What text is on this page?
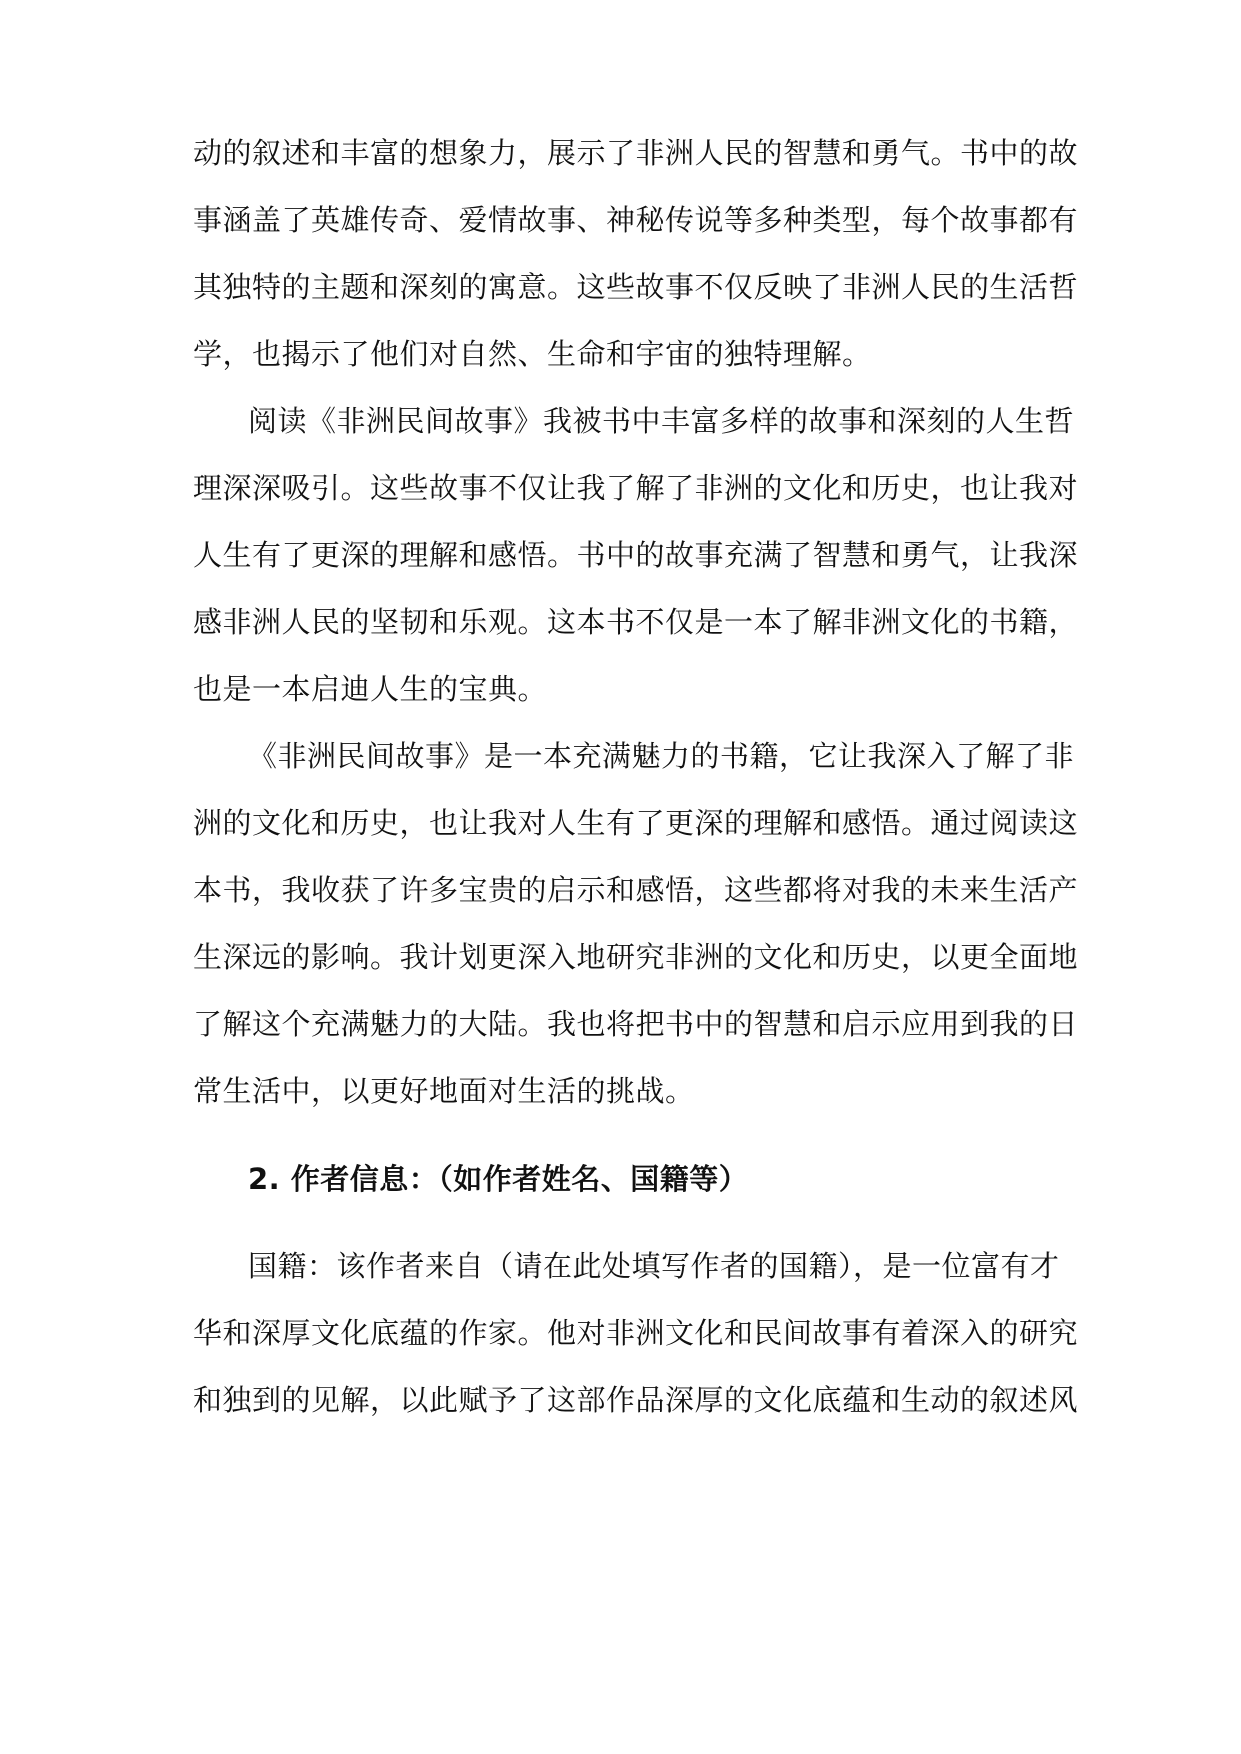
动的叙述和丰富的想象力，展示了非洲人民的智慧和勇气。书中的故
事涵盖了英雄传奇、爱情故事、神秘传说等多种类型，每个故事都有
其独特的主题和深刻的寓意。这些故事不仅反映了非洲人民的生活哲
学，也揭示了他们对自然、生命和宇宙的独特理解。
阅读《非洲民间故事》我被书中丰富多样的故事和深刻的人生哲
理深深吸引。这些故事不仅让我了解了非洲的文化和历史，也让我对
人生有了更深的理解和感悟。书中的故事充满了智慧和勇气，让我深
感非洲人民的坚韧和乐观。这本书不仅是一本了解非洲文化的书籍，
也是一本启迪人生的宝典。
《非洲民间故事》是一本充满魅力的书籍，它让我深入了解了非
洲的文化和历史，也让我对人生有了更深的理解和感悟。通过阅读这
本书，我收获了许多宝贵的启示和感悟，这些都将对我的未来生活产
生深远的影响。我计划更深入地研究非洲的文化和历史，以更全面地
了解这个充满魅力的大陆。我也将把书中的智慧和启示应用到我的日
常生活中，以更好地面对生活的挑战。
2. 作者信息：（如作者姓名、国籍等）
国籍：该作者来自（请在此处填写作者的国籍），是一位富有才
华和深厚文化底蕴的作家。他对非洲文化和民间故事有着深入的研究
和独到的见解，以此赋予了这部作品深厚的文化底蕴和生动的叙述风
